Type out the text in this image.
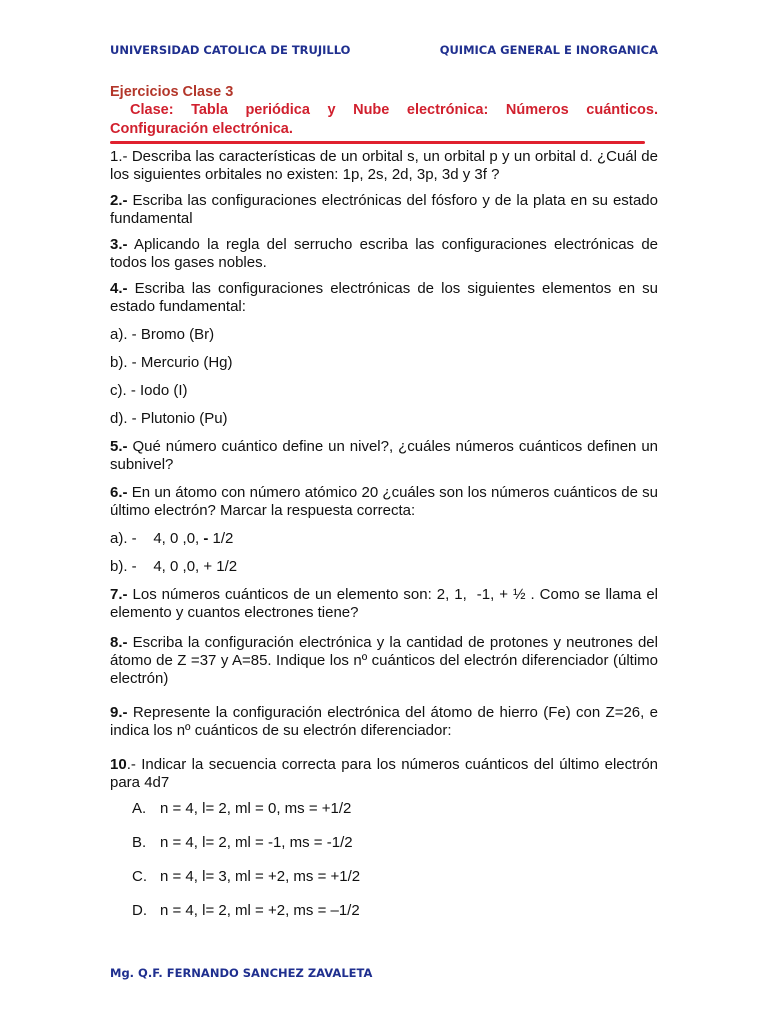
UNIVERSIDAD CATOLICA DE TRUJILLO	QUIMICA GENERAL E INORGANICA

Ejercicios Clase 3

Clase: Tabla periódica y Nube electrónica: Números cuánticos.

Configuración electrónica.

1.- Describa las características de un orbital s, un orbital p y un orbital d. ¿Cuál de los siguientes orbitales no existen: 1p, 2s, 2d, 3p, 3d y 3f ?

2.- Escriba las configuraciones electrónicas del fósforo y de la plata en su estado fundamental

3.- Aplicando la regla del serrucho escriba las configuraciones electrónicas de todos los gases nobles.

4.- Escriba las configuraciones electrónicas de los siguientes elementos en su estado fundamental:

a). - Bromo (Br)

b). - Mercurio (Hg)

c). - Iodo (I)

d). - Plutonio (Pu)

5.- Qué número cuántico define un nivel?, ¿cuáles números cuánticos definen un subnivel?

6.- En un átomo con número atómico 20 ¿cuáles son los números cuánticos de su último electrón? Marcar la respuesta correcta:

a). -    4, 0 ,0, - 1/2

b). -    4, 0 ,0, + 1/2

7.- Los números cuánticos de un elemento son: 2, 1,  -1, + ½ . Como se llama el elemento y cuantos electrones tiene?

8.- Escriba la configuración electrónica y la cantidad de protones y neutrones del átomo de Z =37 y A=85. Indique los nº cuánticos del electrón diferenciador (último electrón)

9.- Represente la configuración electrónica del átomo de hierro (Fe) con Z=26, e indica los nº cuánticos de su electrón diferenciador:

10.- Indicar la secuencia correcta para los números cuánticos del último electrón para 4d7

A. n = 4, l= 2, ml = 0, ms = +1/2
B. n = 4, l= 2, ml = -1, ms = -1/2
C. n = 4, l= 3, ml = +2, ms = +1/2
D. n = 4, l= 2, ml = +2, ms = –1/2
Mg. Q.F. FERNANDO SANCHEZ ZAVALETA
